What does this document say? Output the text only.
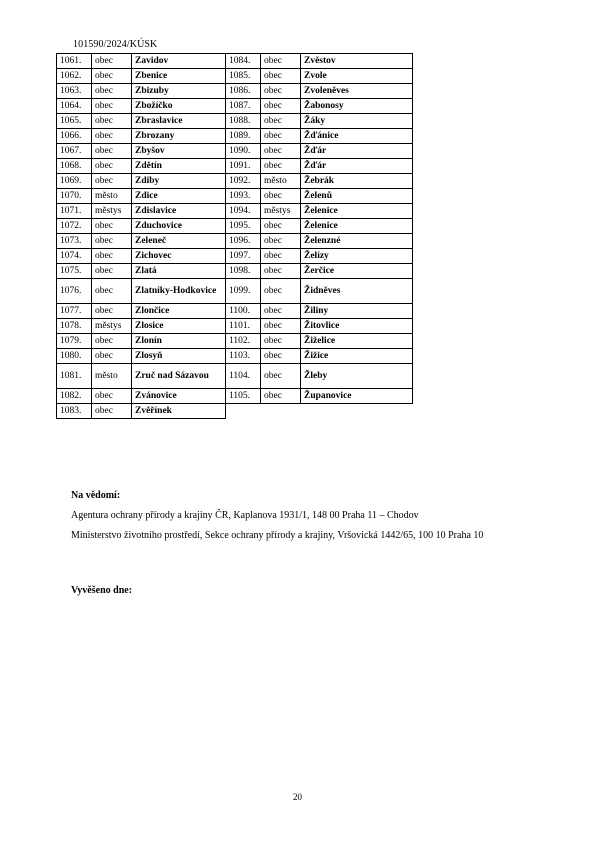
101590/2024/KÚSK
1061.	obec	Zavidov	1084.	obec	Zvěstov
1062.	obec	Zbenice	1085.	obec	Zvole
1063.	obec	Zbizuby	1086.	obec	Zvoleněves
1064.	obec	Zbožíčko	1087.	obec	Žabonosy
1065.	obec	Zbraslavice	1088.	obec	Žáky
1066.	obec	Zbrozany	1089.	obec	Žďánice
1067.	obec	Zbyšov	1090.	obec	Žďár
1068.	obec	Zdětín	1091.	obec	Žďár
1069.	obec	Zdiby	1092.	město	Žebrák
1070.	město	Zdice	1093.	obec	Želenů
1071.	městys	Zdislavice	1094.	městys	Želenice
1072.	obec	Zduchovice	1095.	obec	Želenice
1073.	obec	Zeleneč	1096.	obec	Želenzné
1074.	obec	Zichovec	1097.	obec	Želízy
1075.	obec	Zlatá	1098.	obec	Žerčice
1076.	obec	Zlatníky-Hodkovice	1099.	obec	Židněves
1077.	obec	Zlončice	1100.	obec	Žiliny
1078.	městys	Zlosice	1101.	obec	Žitovlice
1079.	obec	Zlonín	1102.	obec	Žiželice
1080.	obec	Zlosyň	1103.	obec	Žižice
1081.	město	Zruč nad Sázavou	1104.	obec	Žleby
1082.	obec	Zvánovice	1105.	obec	Županovice
1083.	obec	Zvěřínek			

Na vědomí:

Agentura ochrany přírody a krajiny ČR, Kaplanova 1931/1, 148 00 Praha 11 – Chodov

Ministerstvo životního prostředí, Sekce ochrany přírody a krajiny, Vršovická 1442/65, 100 10 Praha 10

Vyvěšeno dne:
20
